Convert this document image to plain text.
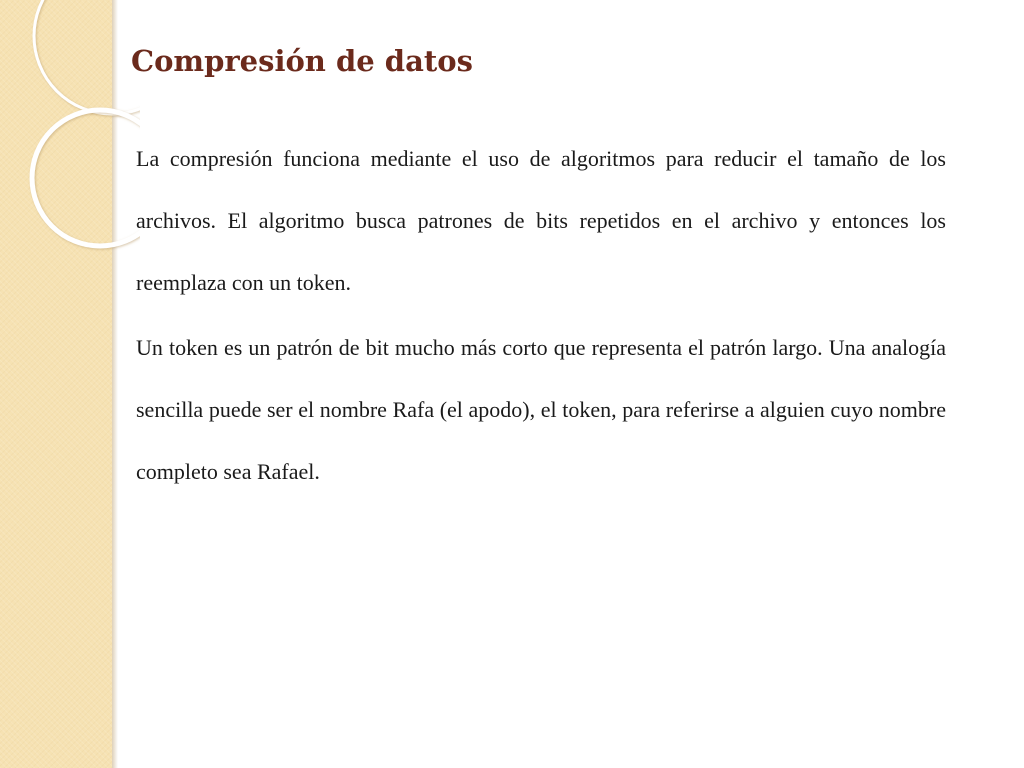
Compresión de datos

La compresión funciona mediante el uso de algoritmos para reducir el tamaño de los archivos. El algoritmo busca patrones de bits repetidos en el archivo y entonces los reemplaza con un token.

Un token es un patrón de bit mucho más corto que representa el patrón largo. Una analogía sencilla puede ser el nombre Rafa (el apodo), el token, para referirse a alguien cuyo nombre completo sea Rafael.
